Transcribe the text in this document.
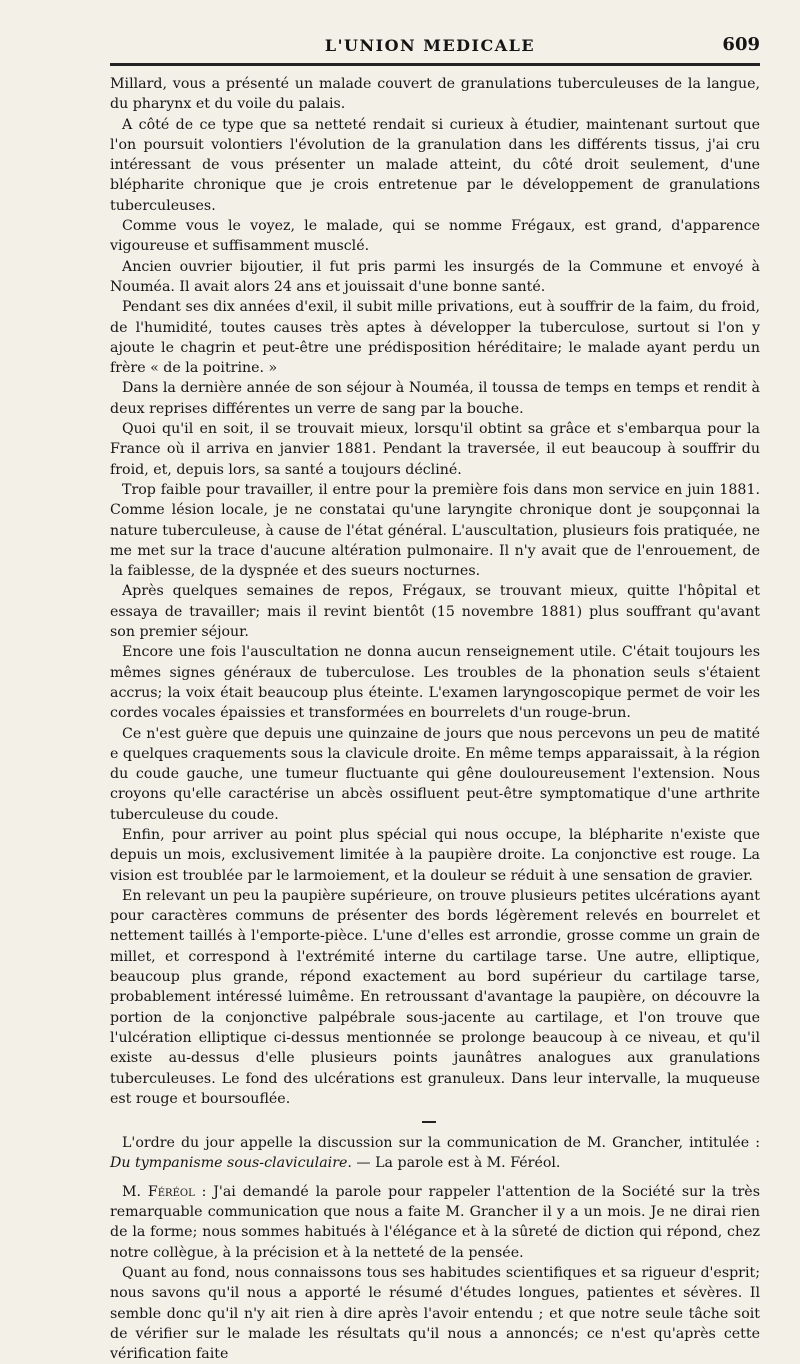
L'UNION MEDICALE	609

Millard, vous a présenté un malade couvert de granulations tuberculeuses de la langue, du pharynx et du voile du palais.

A côté de ce type que sa netteté rendait si curieux à étudier, maintenant surtout que l'on poursuit volontiers l'évolution de la granulation dans les différents tissus, j'ai cru intéressant de vous présenter un malade atteint, du côté droit seulement, d'une blépharite chronique que je crois entretenue par le développement de granulations tuberculeuses.

Comme vous le voyez, le malade, qui se nomme Frégaux, est grand, d'apparence vigoureuse et suffisamment musclé.

Ancien ouvrier bijoutier, il fut pris parmi les insurgés de la Commune et envoyé à Nouméa. Il avait alors 24 ans et jouissait d'une bonne santé.

Pendant ses dix années d'exil, il subit mille privations, eut à souffrir de la faim, du froid, de l'humidité, toutes causes très aptes à développer la tuberculose, surtout si l'on y ajoute le chagrin et peut-être une prédisposition héréditaire; le malade ayant perdu un frère « de la poitrine. »

Dans la dernière année de son séjour à Nouméa, il toussa de temps en temps et rendit à deux reprises différentes un verre de sang par la bouche.

Quoi qu'il en soit, il se trouvait mieux, lorsqu'il obtint sa grâce et s'embarqua pour la France où il arriva en janvier 1881. Pendant la traversée, il eut beaucoup à souffrir du froid, et, depuis lors, sa santé a toujours décliné.

Trop faible pour travailler, il entre pour la première fois dans mon service en juin 1881. Comme lésion locale, je ne constatai qu'une laryngite chronique dont je soupçonnai la nature tuberculeuse, à cause de l'état général. L'auscultation, plusieurs fois pratiquée, ne me met sur la trace d'aucune altération pulmonaire. Il n'y avait que de l'enrouement, de la faiblesse, de la dyspnée et des sueurs nocturnes.

Après quelques semaines de repos, Frégaux, se trouvant mieux, quitte l'hôpital et essaya de travailler; mais il revint bientôt (15 novembre 1881) plus souffrant qu'avant son premier séjour.

Encore une fois l'auscultation ne donna aucun renseignement utile. C'était toujours les mêmes signes généraux de tuberculose. Les troubles de la phonation seuls s'étaient accrus; la voix était beaucoup plus éteinte. L'examen laryngoscopique permet de voir les cordes vocales épaissies et transformées en bourrelets d'un rouge-brun.

Ce n'est guère que depuis une quinzaine de jours que nous percevons un peu de matité e quelques craquements sous la clavicule droite. En même temps apparaissait, à la région du coude gauche, une tumeur fluctuante qui gêne douloureusement l'extension. Nous croyons qu'elle caractérise un abcès ossifluent peut-être symptomatique d'une arthrite tuberculeuse du coude.

Enfin, pour arriver au point plus spécial qui nous occupe, la blépharite n'existe que depuis un mois, exclusivement limitée à la paupière droite. La conjonctive est rouge. La vision est troublée par le larmoiement, et la douleur se réduit à une sensation de gravier.

En relevant un peu la paupière supérieure, on trouve plusieurs petites ulcérations ayant pour caractères communs de présenter des bords légèrement relevés en bourrelet et nettement taillés à l'emporte-pièce. L'une d'elles est arrondie, grosse comme un grain de millet, et correspond à l'extrémité interne du cartilage tarse. Une autre, elliptique, beaucoup plus grande, répond exactement au bord supérieur du cartilage tarse, probablement intéressé luimême. En retroussant d'avantage la paupière, on découvre la portion de la conjonctive palpébrale sous-jacente au cartilage, et l'on trouve que l'ulcération elliptique ci-dessus mentionnée se prolonge beaucoup à ce niveau, et qu'il existe au-dessus d'elle plusieurs points jaunâtres analogues aux granulations tuberculeuses. Le fond des ulcérations est granuleux. Dans leur intervalle, la muqueuse est rouge et boursouflée.

L'ordre du jour appelle la discussion sur la communication de M. Grancher, intitulée : Du tympanisme sous-claviculaire. — La parole est à M. Féréol.

M. Féréol : J'ai demandé la parole pour rappeler l'attention de la Société sur la très remarquable communication que nous a faite M. Grancher il y a un mois. Je ne dirai rien de la forme; nous sommes habitués à l'élégance et à la sûreté de diction qui répond, chez notre collègue, à la précision et à la netteté de la pensée.

Quant au fond, nous connaissons tous ses habitudes scientifiques et sa rigueur d'esprit; nous savons qu'il nous a apporté le résumé d'études longues, patientes et sévères. Il semble donc qu'il n'y ait rien à dire après l'avoir entendu ; et que notre seule tâche soit de vérifier sur le malade les résultats qu'il nous a annoncés; ce n'est qu'après cette vérification faite
